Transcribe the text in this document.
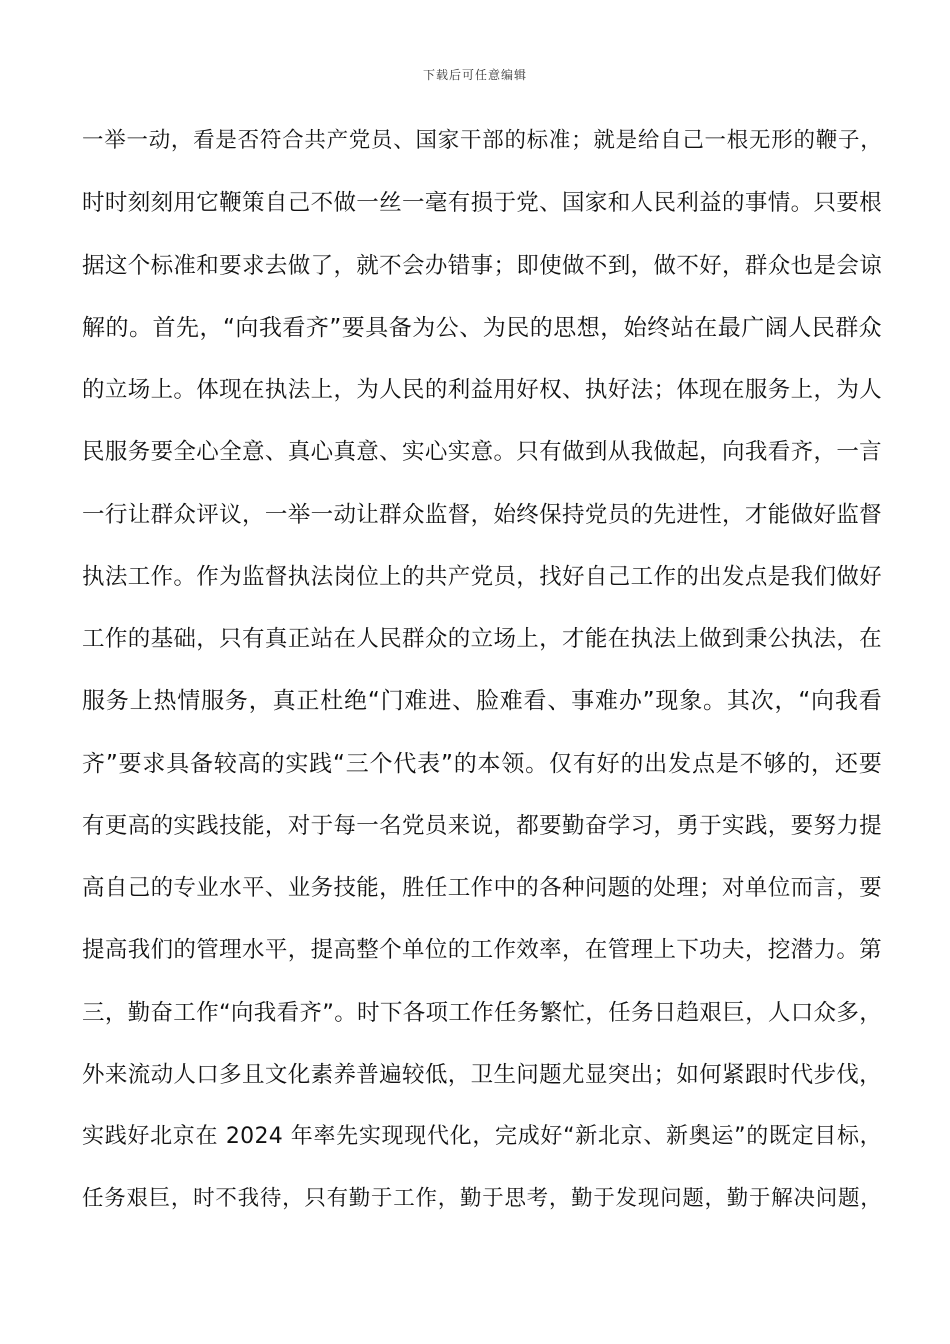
下载后可任意编辑
一举一动，看是否符合共产党员、国家干部的标准；就是给自己一根无形的鞭子，
时时刻刻用它鞭策自己不做一丝一毫有损于党、国家和人民利益的事情。只要根
据这个标准和要求去做了，就不会办错事；即使做不到，做不好，群众也是会谅
解的。首先，“向我看齐”要具备为公、为民的思想，始终站在最广阔人民群众
的立场上。体现在执法上，为人民的利益用好权、执好法；体现在服务上，为人
民服务要全心全意、真心真意、实心实意。只有做到从我做起，向我看齐，一言
一行让群众评议，一举一动让群众监督，始终保持党员的先进性，才能做好监督
执法工作。作为监督执法岗位上的共产党员，找好自己工作的出发点是我们做好
工作的基础，只有真正站在人民群众的立场上，才能在执法上做到秉公执法，在
服务上热情服务，真正杜绝“门难进、脸难看、事难办”现象。其次，“向我看
齐”要求具备较高的实践“三个代表”的本领。仅有好的出发点是不够的，还要
有更高的实践技能，对于每一名党员来说，都要勤奋学习，勇于实践，要努力提
高自己的专业水平、业务技能，胜任工作中的各种问题的处理；对单位而言，要
提高我们的管理水平，提高整个单位的工作效率，在管理上下功夫，挖潜力。第
三，勤奋工作“向我看齐”。时下各项工作任务繁忙，任务日趋艰巨，人口众多，
外来流动人口多且文化素养普遍较低，卫生问题尤显突出；如何紧跟时代步伐，
实践好北京在 2024 年率先实现现代化，完成好“新北京、新奥运”的既定目标，
任务艰巨，时不我待，只有勤于工作，勤于思考，勤于发现问题，勤于解决问题，
